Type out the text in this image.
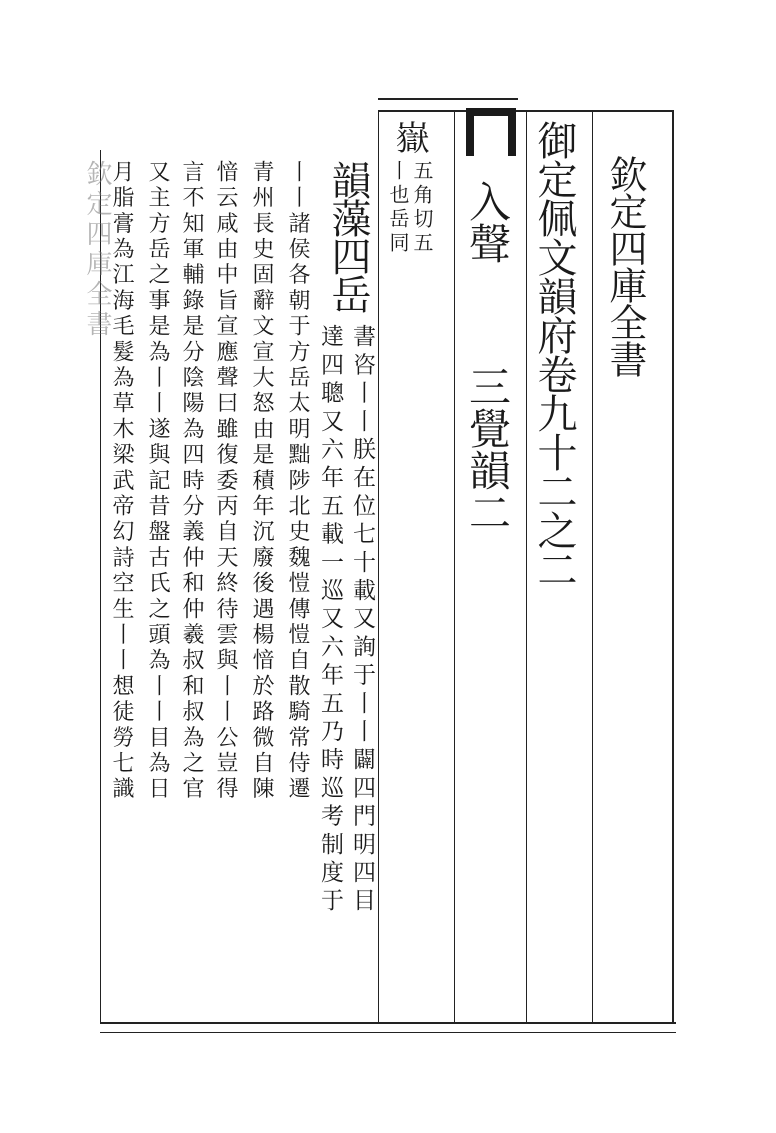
欽定四庫全書
御定佩文韻府卷九十二之二
入聲
三覺韻二
嶽
五角切五
丨也岳同
韻藻四岳
書咨丨丨朕在位七十載又詢于丨丨闢四門明四目
達四聰又六年五載一巡又六年五乃時巡考制度于
丨丨諸侯各朝于方岳太明黜陟北史魏愷傳愷自散騎常侍遷
青州長史固辭文宣大怒由是積年沉廢後遇楊愔於路微自陳
愔云咸由中旨宣應聲曰雖復委丙自天終待雲與丨丨公豈得
言不知軍輔錄是分陰陽為四時分義仲和仲羲叔和叔為之官
又主方岳之事是為丨丨遂與記昔盤古氏之頭為丨丨目為日
月脂膏為江海毛髮為草木梁武帝幻詩空生丨丨想徒勞七識
欽定四庫全書
